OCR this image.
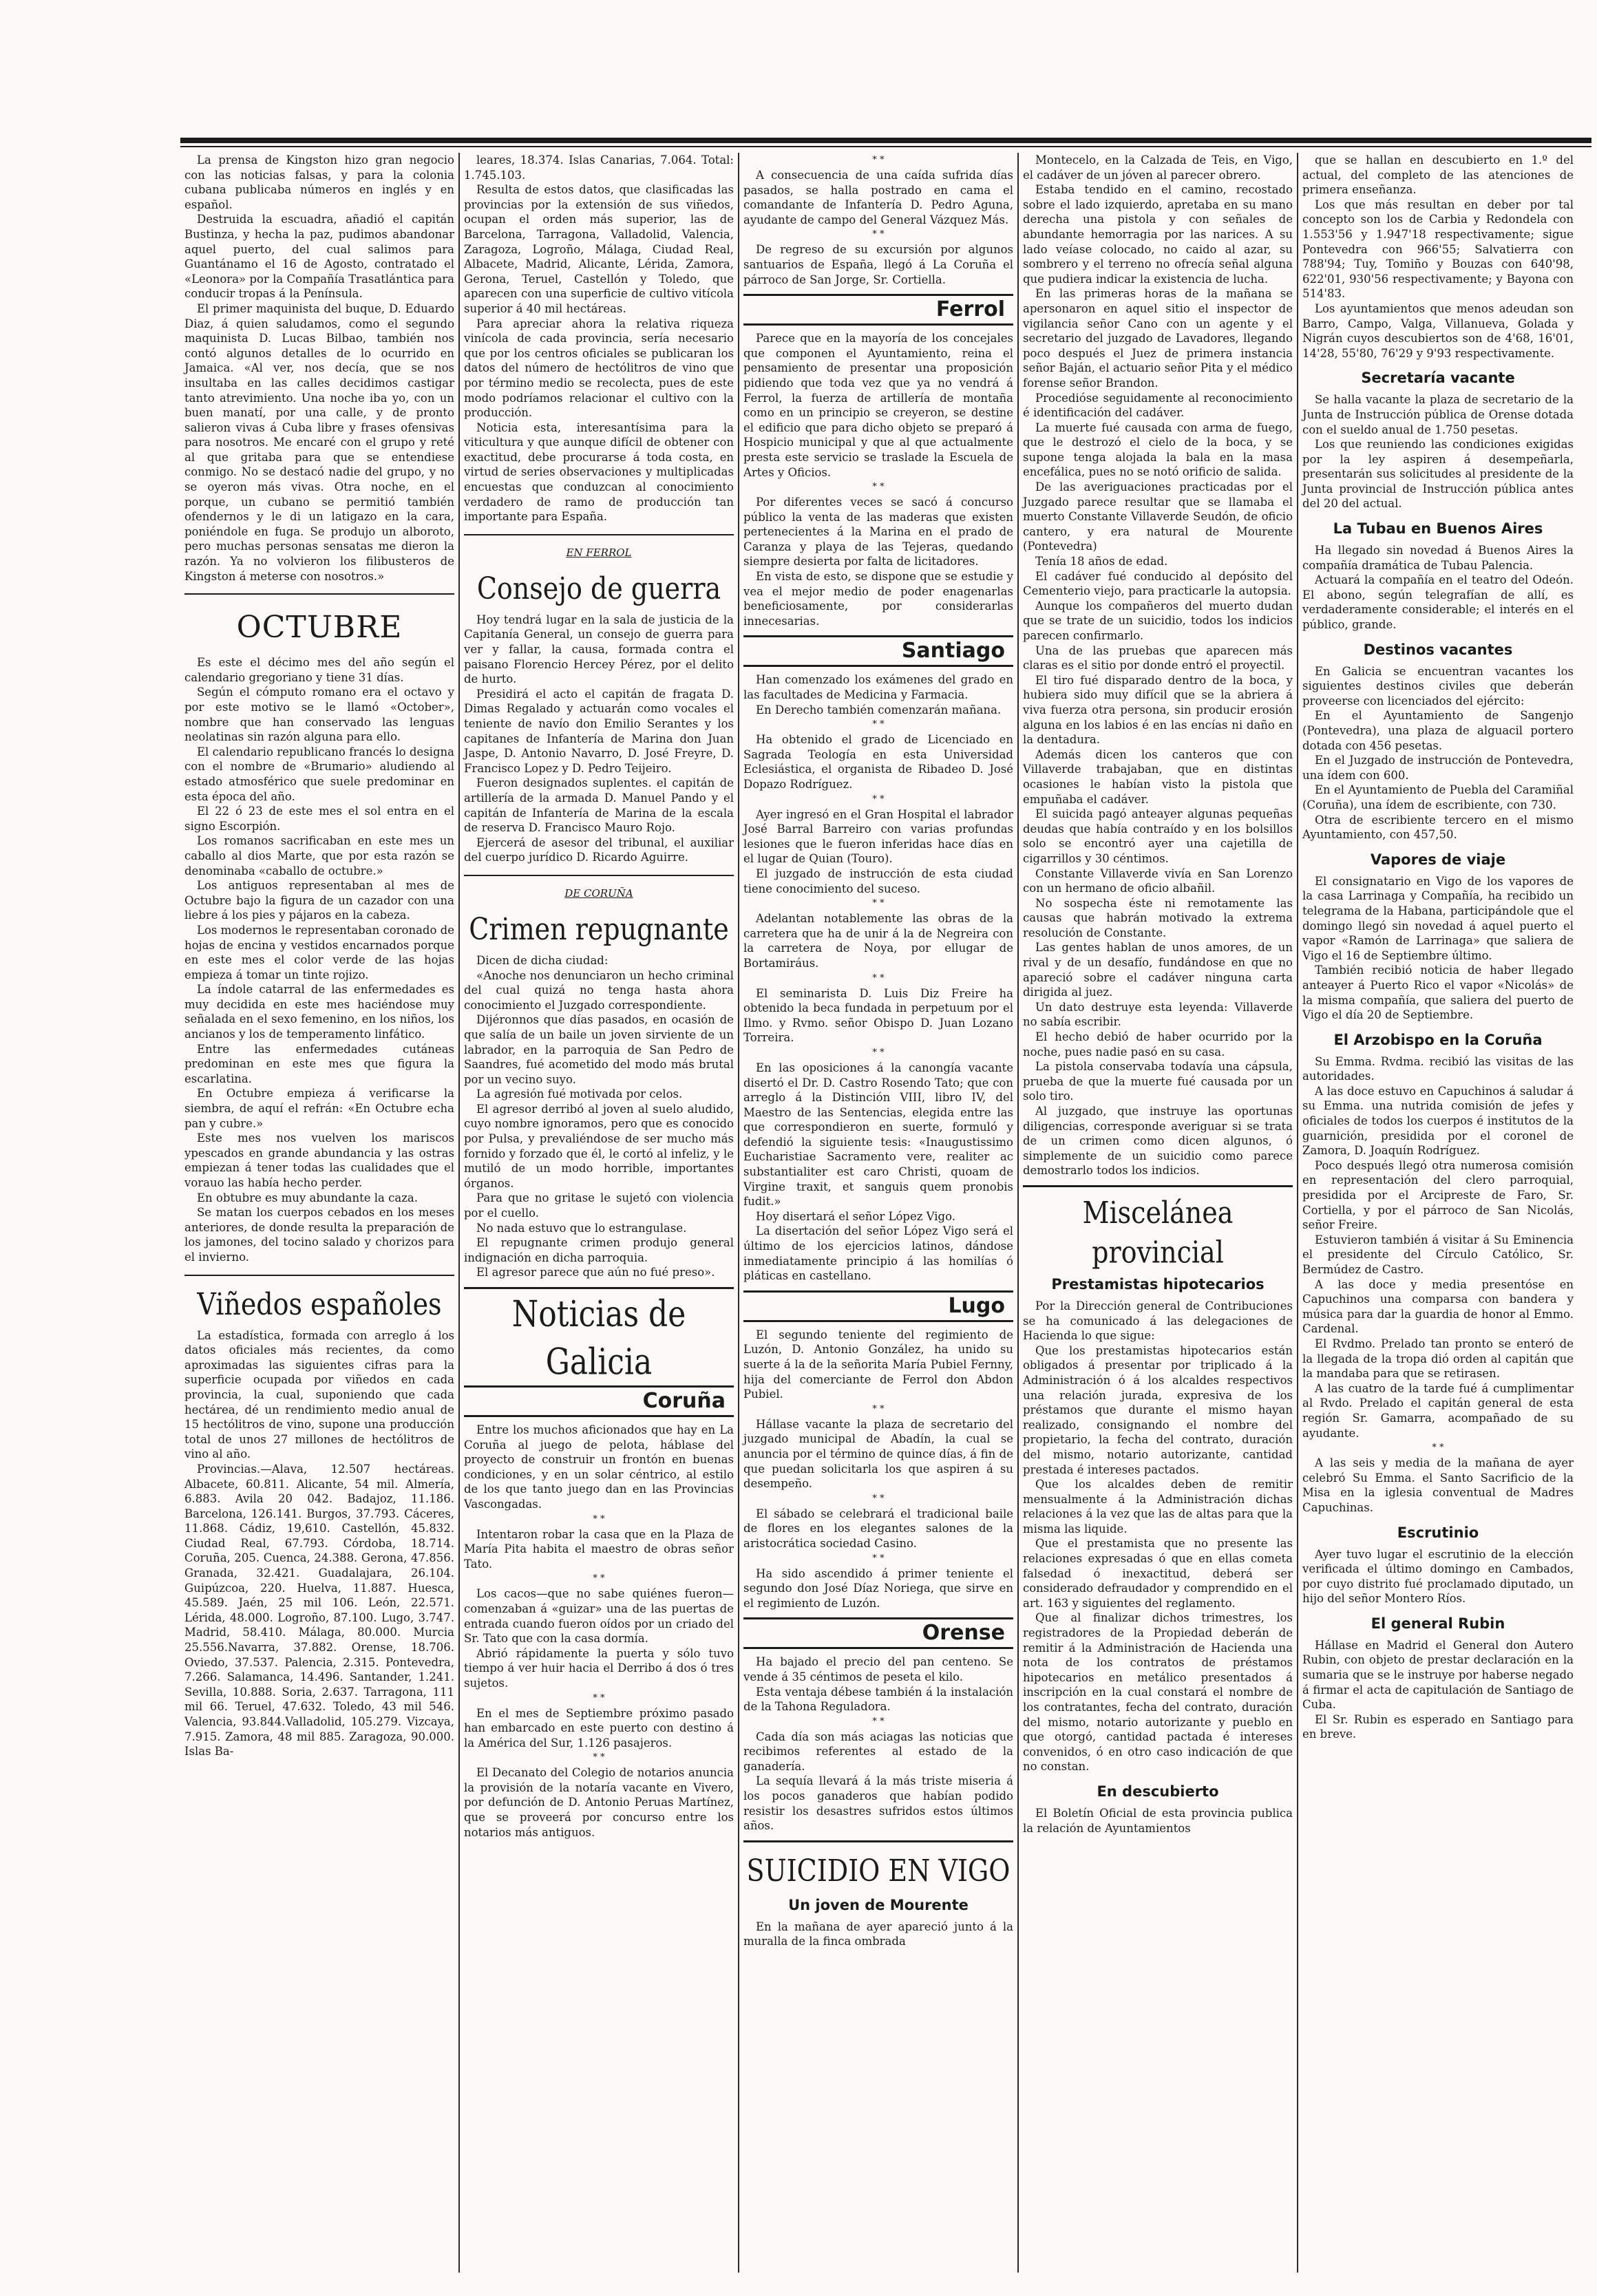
La prensa de Kingston hizo gran negocio con las noticias falsas, y para la colonia cubana publicaba números en inglés y en español.

Destruida la escuadra, añadió el capitán Bustinza, y hecha la paz, pudimos abandonar aquel puerto, del cual salimos para Guantánamo el 16 de Agosto, contratado el «Leonora» por la Compañía Trasatlántica para conducir tropas á la Península.

El primer maquinista del buque, D. Eduardo Diaz, á quien saludamos, como el segundo maquinista D. Lucas Bilbao, también nos contó algunos detalles de lo ocurrido en Jamaica. «Al ver, nos decía, que se nos insultaba en las calles decidimos castigar tanto atrevimiento. Una noche iba yo, con un buen manatí, por una calle, y de pronto salieron vivas á Cuba libre y frases ofensivas para nosotros. Me encaré con el grupo y reté al que gritaba para que se entendiese conmigo. No se destacó nadie del grupo, y no se oyeron más vivas. Otra noche, en el porque, un cubano se permitió también ofendernos y le di un latigazo en la cara, poniéndole en fuga. Se produjo un alboroto, pero muchas personas sensatas me dieron la razón. Ya no volvieron los filibusteros de Kingston á meterse con nosotros.»

OCTUBRE

Es este el décimo mes del año según el calendario gregoriano y tiene 31 días.

Según el cómputo romano era el octavo y por este motivo se le llamó «October», nombre que han conservado las lenguas neolatinas sin razón alguna para ello.

El calendario republicano francés lo designa con el nombre de «Brumario» aludiendo al estado atmosférico que suele predominar en esta época del año.

El 22 ó 23 de este mes el sol entra en el signo Escorpión.

Los romanos sacrificaban en este mes un caballo al dios Marte, que por esta razón se denominaba «caballo de octubre.»

Los antiguos representaban al mes de Octubre bajo la figura de un cazador con una liebre á los pies y pájaros en la cabeza.

Los modernos le representaban coronado de hojas de encina y vestidos encarnados porque en este mes el color verde de las hojas empieza á tomar un tinte rojizo.

La índole catarral de las enfermedades es muy decidida en este mes haciéndose muy señalada en el sexo femenino, en los niños, los ancianos y los de temperamento linfático.

Entre las enfermedades cutáneas predominan en este mes que figura la escarlatina.

En Octubre empieza á verificarse la siembra, de aquí el refrán: «En Octubre echa pan y cubre.»

Este mes nos vuelven los mariscos ypescados en grande abundancia y las ostras empiezan á tener todas las cualidades que el vorauo las había hecho perder.

En obtubre es muy abundante la caza.

Se matan los cuerpos cebados en los meses anteriores, de donde resulta la preparación de los jamones, del tocino salado y chorizos para el invierno.

Viñedos españoles

La estadística, formada con arreglo á los datos oficiales más recientes, da como aproximadas las siguientes cifras para la superficie ocupada por viñedos en cada provincia, la cual, suponiendo que cada hectárea, dé un rendimiento medio anual de 15 hectólitros de vino, supone una producción total de unos 27 millones de hectólitros de vino al año.

Provincias.—Alava, 12.507 hectáreas. Albacete, 60.811. Alicante, 54 mil. Almería, 6.883. Avila 20 042. Badajoz, 11.186. Barcelona, 126.141. Burgos, 37.793. Cáceres, 11.868. Cádiz, 19,610. Castellón, 45.832. Ciudad Real, 67.793. Córdoba, 18.714. Coruña, 205. Cuenca, 24.388. Gerona, 47.856. Granada, 32.421. Guadalajara, 26.104. Guipúzcoa, 220. Huelva, 11.887. Huesca, 45.589. Jaén, 25 mil 106. León, 22.571. Lérida, 48.000. Logroño, 87.100. Lugo, 3.747. Madrid, 58.410. Málaga, 80.000. Murcia 25.556.Navarra, 37.882. Orense, 18.706. Oviedo, 37.537. Palencia, 2.315. Pontevedra, 7.266. Salamanca, 14.496. Santander, 1.241. Sevilla, 10.888. Soria, 2.637. Tarragona, 111 mil 66. Teruel, 47.632. Toledo, 43 mil 546. Valencia, 93.844.Valladolid, 105.279. Vizcaya, 7.915. Zamora, 48 mil 885. Zaragoza, 90.000. Islas Ba-

leares, 18.374. Islas Canarias, 7.064. Total: 1.745.103.

Resulta de estos datos, que clasificadas las provincias por la extensión de sus viñedos, ocupan el orden más superior, las de Barcelona, Tarragona, Valladolid, Valencia, Zaragoza, Logroño, Málaga, Ciudad Real, Albacete, Madrid, Alicante, Lérida, Zamora, Gerona, Teruel, Castellón y Toledo, que aparecen con una superficie de cultivo vitícola superior á 40 mil hectáreas.

Para apreciar ahora la relativa riqueza vinícola de cada provincia, sería necesario que por los centros oficiales se publicaran los datos del número de hectólitros de vino que por término medio se recolecta, pues de este modo podríamos relacionar el cultivo con la producción.

Noticia esta, interesantísima para la viticultura y que aunque difícil de obtener con exactitud, debe procurarse á toda costa, en virtud de series observaciones y multiplicadas encuestas que conduzcan al conocimiento verdadero de ramo de producción tan importante para España.

EN FERROL
Consejo de guerra

Hoy tendrá lugar en la sala de justicia de la Capitanía General, un consejo de guerra para ver y fallar, la causa, formada contra el paisano Florencio Hercey Pérez, por el delito de hurto.

Presidirá el acto el capitán de fragata D. Dimas Regalado y actuarán como vocales el teniente de navío don Emilio Serantes y los capitanes de Infantería de Marina don Juan Jaspe, D. Antonio Navarro, D. José Freyre, D. Francisco Lopez y D. Pedro Teijeiro.

Fueron designados suplentes. el capitán de artillería de la armada D. Manuel Pando y el capitán de Infantería de Marina de la escala de reserva D. Francisco Mauro Rojo.

Ejercerá de asesor del tribunal, el auxiliar del cuerpo jurídico D. Ricardo Aguirre.

DE CORUÑA
Crimen repugnante

Dicen de dicha ciudad:

«Anoche nos denunciaron un hecho criminal del cual quizá no tenga hasta ahora conocimiento el Juzgado correspondiente.

Dijéronnos que días pasados, en ocasión de que salía de un baile un joven sirviente de un labrador, en la parroquia de San Pedro de Saandres, fué acometido del modo más brutal por un vecino suyo.

La agresión fué motivada por celos.

El agresor derribó al joven al suelo aludido, cuyo nombre ignoramos, pero que es conocido por Pulsa, y prevaliéndose de ser mucho más fornido y forzado que él, le cortó al infeliz, y le mutiló de un modo horrible, importantes órganos.

Para que no gritase le sujetó con violencia por el cuello.

No nada estuvo que lo estrangulase.

El repugnante crimen produjo general indignación en dicha parroquia.

El agresor parece que aún no fué preso».

Noticias de Galicia
Coruña

Entre los muchos aficionados que hay en La Coruña al juego de pelota, háblase del proyecto de construir un frontón en buenas condiciones, y en un solar céntrico, al estilo de los que tanto juego dan en las Provincias Vascongadas.

* *

Intentaron robar la casa que en la Plaza de María Pita habita el maestro de obras señor Tato.

* *

Los cacos—que no sabe quiénes fueron—comenzaban á «guizar» una de las puertas de entrada cuando fueron oídos por un criado del Sr. Tato que con la casa dormía.

Abrió rápidamente la puerta y sólo tuvo tiempo á ver huir hacia el Derribo á dos ó tres sujetos.

* *

En el mes de Septiembre próximo pasado han embarcado en este puerto con destino á la América del Sur, 1.126 pasajeros.

* *

El Decanato del Colegio de notarios anuncia la provisión de la notaría vacante en Vivero, por defunción de D. Antonio Peruas Martínez, que se proveerá por concurso entre los notarios más antiguos.

* *

A consecuencia de una caída sufrida días pasados, se halla postrado en cama el comandante de Infantería D. Pedro Aguna, ayudante de campo del General Vázquez Más.

* *

De regreso de su excursión por algunos santuarios de España, llegó á La Coruña el párroco de San Jorge, Sr. Cortiella.

Ferrol

Parece que en la mayoría de los concejales que componen el Ayuntamiento, reina el pensamiento de presentar una proposición pidiendo que toda vez que ya no vendrá á Ferrol, la fuerza de artillería de montaña como en un principio se creyeron, se destine el edificio que para dicho objeto se preparó á Hospicio municipal y que al que actualmente presta este servicio se traslade la Escuela de Artes y Oficios.

* *

Por diferentes veces se sacó á concurso público la venta de las maderas que existen pertenecientes á la Marina en el prado de Caranza y playa de las Tejeras, quedando siempre desierta por falta de licitadores.

En vista de esto, se dispone que se estudie y vea el mejor medio de poder enagenarlas beneficiosamente, por considerarlas innecesarias.

Santiago

Han comenzado los exámenes del grado en las facultades de Medicina y Farmacia.

En Derecho también comenzarán mañana.

* *

Ha obtenido el grado de Licenciado en Sagrada Teología en esta Universidad Eclesiástica, el organista de Ribadeo D. José Dopazo Rodríguez.

* *

Ayer ingresó en el Gran Hospital el labrador José Barral Barreiro con varias profundas lesiones que le fueron inferidas hace días en el lugar de Quian (Touro).

El juzgado de instrucción de esta ciudad tiene conocimiento del suceso.

* *

Adelantan notablemente las obras de la carretera que ha de unir á la de Negreira con la carretera de Noya, por ellugar de Bortamiráus.

* *

El seminarista D. Luis Diz Freire ha obtenido la beca fundada in perpetuum por el Ilmo. y Rvmo. señor Obispo D. Juan Lozano Torreira.

* *

En las oposiciones á la canongía vacante disertó el Dr. D. Castro Rosendo Tato; que con arreglo á la Distinción VIII, libro IV, del Maestro de las Sentencias, elegida entre las que correspondieron en suerte, formuló y defendió la siguiente tesis: «Inaugustissimo Eucharistiae Sacramento vere, realiter ac substantialiter est caro Christi, quoam de Virgine traxit, et sanguis quem pronobis fudit.»

Hoy disertará el señor López Vigo.

La disertación del señor López Vigo será el último de los ejercicios latinos, dándose inmediatamente principio á las homilías ó pláticas en castellano.

Lugo

El segundo teniente del regimiento de Luzón, D. Antonio González, ha unido su suerte á la de la señorita María Pubiel Fernny, hija del comerciante de Ferrol don Abdon Pubiel.

* *

Hállase vacante la plaza de secretario del juzgado municipal de Abadín, la cual se anuncia por el término de quince días, á fin de que puedan solicitarla los que aspiren á su desempeño.

* *

El sábado se celebrará el tradicional baile de flores en los elegantes salones de la aristocrática sociedad Casino.

* *

Ha sido ascendido á primer teniente el segundo don José Díaz Noriega, que sirve en el regimiento de Luzón.

Orense

Ha bajado el precio del pan centeno. Se vende á 35 céntimos de peseta el kilo.

Esta ventaja débese también á la instalación de la Tahona Reguladora.

* *

Cada día son más aciagas las noticias que recibimos referentes al estado de la ganadería.

La sequía llevará á la más triste miseria á los pocos ganaderos que habían podido resistir los desastres sufridos estos últimos años.

SUICIDIO EN VIGO
Un joven de Mourente

En la mañana de ayer apareció junto á la muralla de la finca ombrada

Montecelo, en la Calzada de Teis, en Vigo, el cadáver de un jóven al parecer obrero.

Estaba tendido en el camino, recostado sobre el lado izquierdo, apretaba en su mano derecha una pistola y con señales de abundante hemorragia por las narices. A su lado veíase colocado, no caido al azar, su sombrero y el terreno no ofrecía señal alguna que pudiera indicar la existencia de lucha.

En las primeras horas de la mañana se apersonaron en aquel sitio el inspector de vigilancia señor Cano con un agente y el secretario del juzgado de Lavadores, llegando poco después el Juez de primera instancia señor Baján, el actuario señor Pita y el médico forense señor Brandon.

Procedióse seguidamente al reconocimiento é identificación del cadáver.

La muerte fué causada con arma de fuego, que le destrozó el cielo de la boca, y se supone tenga alojada la bala en la masa encefálica, pues no se notó orificio de salida.

De las averiguaciones practicadas por el Juzgado parece resultar que se llamaba el muerto Constante Villaverde Seudón, de oficio cantero, y era natural de Mourente (Pontevedra)

Tenía 18 años de edad.

El cadáver fué conducido al depósito del Cementerio viejo, para practicarle la autopsia.

Aunque los compañeros del muerto dudan que se trate de un suicidio, todos los indicios parecen confirmarlo.

Una de las pruebas que aparecen más claras es el sitio por donde entró el proyectil.

El tiro fué disparado dentro de la boca, y hubiera sido muy difícil que se la abriera á viva fuerza otra persona, sin producir erosión alguna en los labios é en las encías ni daño en la dentadura.

Además dicen los canteros que con Villaverde trabajaban, que en distintas ocasiones le habían visto la pistola que empuñaba el cadáver.

El suicida pagó anteayer algunas pequeñas deudas que había contraído y en los bolsillos solo se encontró ayer una cajetilla de cigarrillos y 30 céntimos.

Constante Villaverde vivía en San Lorenzo con un hermano de oficio albañil.

No sospecha éste ni remotamente las causas que habrán motivado la extrema resolución de Constante.

Las gentes hablan de unos amores, de un rival y de un desafío, fundándose en que no apareció sobre el cadáver ninguna carta dirigida al juez.

Un dato destruye esta leyenda: Villaverde no sabía escribir.

El hecho debió de haber ocurrido por la noche, pues nadie pasó en su casa.

La pistola conservaba todavía una cápsula, prueba de que la muerte fué causada por un solo tiro.

Al juzgado, que instruye las oportunas diligencias, corresponde averiguar si se trata de un crimen como dicen algunos, ó simplemente de un suicidio como parece demostrarlo todos los indicios.

Miscelánea provincial
Prestamistas hipotecarios

Por la Dirección general de Contribuciones se ha comunicado á las delegaciones de Hacienda lo que sigue:

Que los prestamistas hipotecarios están obligados á presentar por triplicado á la Administración ó á los alcaldes respectivos una relación jurada, expresiva de los préstamos que durante el mismo hayan realizado, consignando el nombre del propietario, la fecha del contrato, duración del mismo, notario autorizante, cantidad prestada é intereses pactados.

Que los alcaldes deben de remitir mensualmente á la Administración dichas relaciones á la vez que las de altas para que la misma las liquide.

Que el prestamista que no presente las relaciones expresadas ó que en ellas cometa falsedad ó inexactitud, deberá ser considerado defraudador y comprendido en el art. 163 y siguientes del reglamento.

Que al finalizar dichos trimestres, los registradores de la Propiedad deberán de remitir á la Administración de Hacienda una nota de los contratos de préstamos hipotecarios en metálico presentados á inscripción en la cual constará el nombre de los contratantes, fecha del contrato, duración del mismo, notario autorizante y pueblo en que otorgó, cantidad pactada é intereses convenidos, ó en otro caso indicación de que no constan.

En descubierto

El Boletín Oficial de esta provincia publica la relación de Ayuntamientos

que se hallan en descubierto en 1.º del actual, del completo de las atenciones de primera enseñanza.

Los que más resultan en deber por tal concepto son los de Carbia y Redondela con 1.553'56 y 1.947'18 respectivamente; sigue Pontevedra con 966'55; Salvatierra con 788'94; Tuy, Tomiño y Bouzas con 640'98, 622'01, 930'56 respectivamente; y Bayona con 514'83.

Los ayuntamientos que menos adeudan son Barro, Campo, Valga, Villanueva, Golada y Nigrán cuyos descubiertos son de 4'68, 16'01, 14'28, 55'80, 76'29 y 9'93 respectivamente.

Secretaría vacante

Se halla vacante la plaza de secretario de la Junta de Instrucción pública de Orense dotada con el sueldo anual de 1.750 pesetas.

Los que reuniendo las condiciones exigidas por la ley aspiren á desempeñarla, presentarán sus solicitudes al presidente de la Junta provincial de Instrucción pública antes del 20 del actual.

La Tubau en Buenos Aires

Ha llegado sin novedad á Buenos Aires la compañía dramática de Tubau Palencia.

Actuará la compañía en el teatro del Odeón. El abono, según telegrafían de allí, es verdaderamente considerable; el interés en el público, grande.

Destinos vacantes

En Galicia se encuentran vacantes los siguientes destinos civiles que deberán proveerse con licenciados del ejército:

En el Ayuntamiento de Sangenjo (Pontevedra), una plaza de alguacil portero dotada con 456 pesetas.

En el Juzgado de instrucción de Pontevedra, una ídem con 600.

En el Ayuntamiento de Puebla del Caramiñal (Coruña), una ídem de escribiente, con 730.

Otra de escribiente tercero en el mismo Ayuntamiento, con 457,50.

Vapores de viaje

El consignatario en Vigo de los vapores de la casa Larrinaga y Compañía, ha recibido un telegrama de la Habana, participándole que el domingo llegó sin novedad á aquel puerto el vapor «Ramón de Larrinaga» que saliera de Vigo el 16 de Septiembre último.

También recibió noticia de haber llegado anteayer á Puerto Rico el vapor «Nicolás» de la misma compañía, que saliera del puerto de Vigo el día 20 de Septiembre.

El Arzobispo en la Coruña

Su Emma. Rvdma. recibió las visitas de las autoridades.

A las doce estuvo en Capuchinos á saludar á su Emma. una nutrida comisión de jefes y oficiales de todos los cuerpos é institutos de la guarnición, presidida por el coronel de Zamora, D. Joaquín Rodríguez.

Poco después llegó otra numerosa comisión en representación del clero parroquial, presidida por el Arcipreste de Faro, Sr. Cortiella, y por el párroco de San Nicolás, señor Freire.

Estuvieron también á visitar á Su Eminencia el presidente del Círculo Católico, Sr. Bermúdez de Castro.

A las doce y media presentóse en Capuchinos una comparsa con bandera y música para dar la guardia de honor al Emmo. Cardenal.

El Rvdmo. Prelado tan pronto se enteró de la llegada de la tropa dió orden al capitán que la mandaba para que se retirasen.

A las cuatro de la tarde fué á cumplimentar al Rvdo. Prelado el capitán general de esta región Sr. Gamarra, acompañado de su ayudante.

* *

A las seis y media de la mañana de ayer celebró Su Emma. el Santo Sacrificio de la Misa en la iglesia conventual de Madres Capuchinas.

Escrutinio

Ayer tuvo lugar el escrutinio de la elección verificada el último domingo en Cambados, por cuyo distrito fué proclamado diputado, un hijo del señor Montero Ríos.

El general Rubin

Hállase en Madrid el General don Autero Rubin, con objeto de prestar declaración en la sumaria que se le instruye por haberse negado á firmar el acta de capitulación de Santiago de Cuba.

El Sr. Rubin es esperado en Santiago para en breve.
